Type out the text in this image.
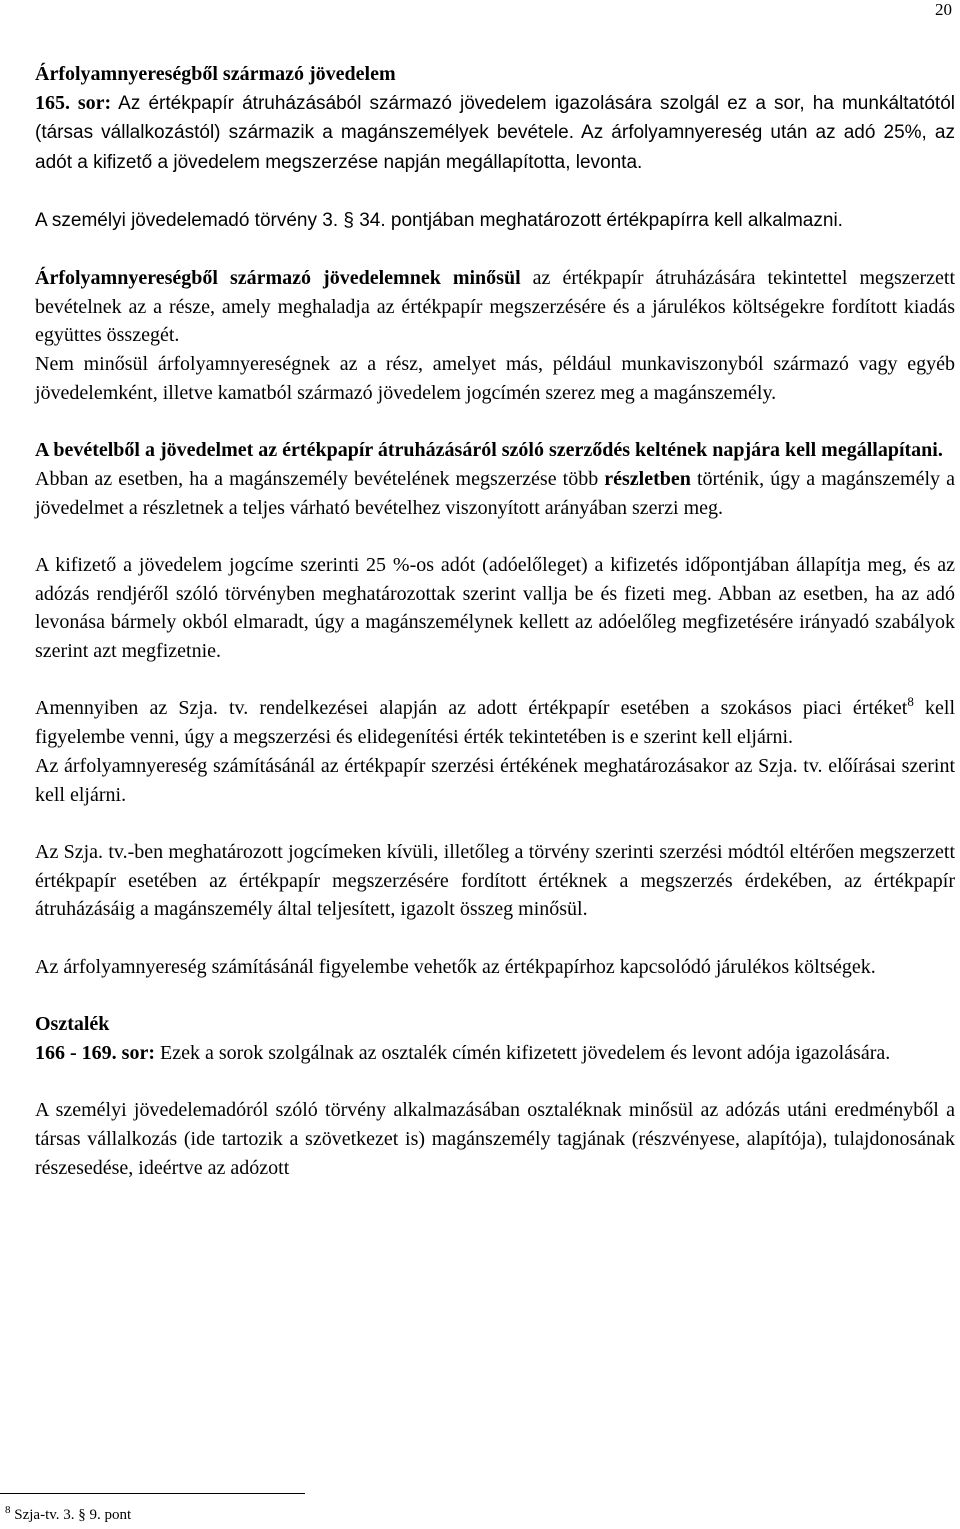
20

Árfolyamnyereségből származó jövedelem

165. sor: Az értékpapír átruházásából származó jövedelem igazolására szolgál ez a sor, ha munkáltatótól (társas vállalkozástól) származik a magánszemélyek bevétele. Az árfolyamnyereség után az adó 25%, az adót a kifizető a jövedelem megszerzése napján megállapította, levonta.

A személyi jövedelemadó törvény 3. § 34. pontjában meghatározott értékpapírra kell alkalmazni.

Árfolyamnyereségből származó jövedelemnek minősül az értékpapír átruházására tekintettel megszerzett bevételnek az a része, amely meghaladja az értékpapír megszerzésére és a járulékos költségekre fordított kiadás együttes összegét.

Nem minősül árfolyamnyereségnek az a rész, amelyet más, például munkaviszonyból származó vagy egyéb jövedelemként, illetve kamatból származó jövedelem jogcímén szerez meg a magánszemély.

A bevételből a jövedelmet az értékpapír átruházásáról szóló szerződés keltének napjára kell megállapítani.

Abban az esetben, ha a magánszemély bevételének megszerzése több részletben történik, úgy a magánszemély a jövedelmet a részletnek a teljes várható bevételhez viszonyított arányában szerzi meg.

A kifizető a jövedelem jogcíme szerinti 25 %-os adót (adóelőleget) a kifizetés időpontjában állapítja meg, és az adózás rendjéről szóló törvényben meghatározottak szerint vallja be és fizeti meg. Abban az esetben, ha az adó levonása bármely okból elmaradt, úgy a magánszemélynek kellett az adóelőleg megfizetésére irányadó szabályok szerint azt megfizetnie.

Amennyiben az Szja. tv. rendelkezései alapján az adott értékpapír esetében a szokásos piaci értéket$^8$ kell figyelembe venni, úgy a megszerzési és elidegenítési érték tekintetében is e szerint kell eljárni.

Az árfolyamnyereség számításánál az értékpapír szerzési értékének meghatározásakor az Szja. tv. előírásai szerint kell eljárni.

Az Szja. tv.-ben meghatározott jogcímeken kívüli, illetőleg a törvény szerinti szerzési módtól eltérően megszerzett értékpapír esetében az értékpapír megszerzésére fordított értéknek a megszerzés érdekében, az értékpapír átruházásáig a magánszemély által teljesített, igazolt összeg minősül.

Az árfolyamnyereség számításánál figyelembe vehetők az értékpapírhoz kapcsolódó járulékos költségek.

Osztalék

166 - 169. sor: Ezek a sorok szolgálnak az osztalék címén kifizetett jövedelem és levont adója igazolására.

A személyi jövedelemadóról szóló törvény alkalmazásában osztaléknak minősül az adózás utáni eredményből a társas vállalkozás (ide tartozik a szövetkezet is) magánszemély tagjának (részvényese, alapítója), tulajdonosának részesedése, ideértve az adózott

$^8$ Szja-tv. 3. § 9. pont
